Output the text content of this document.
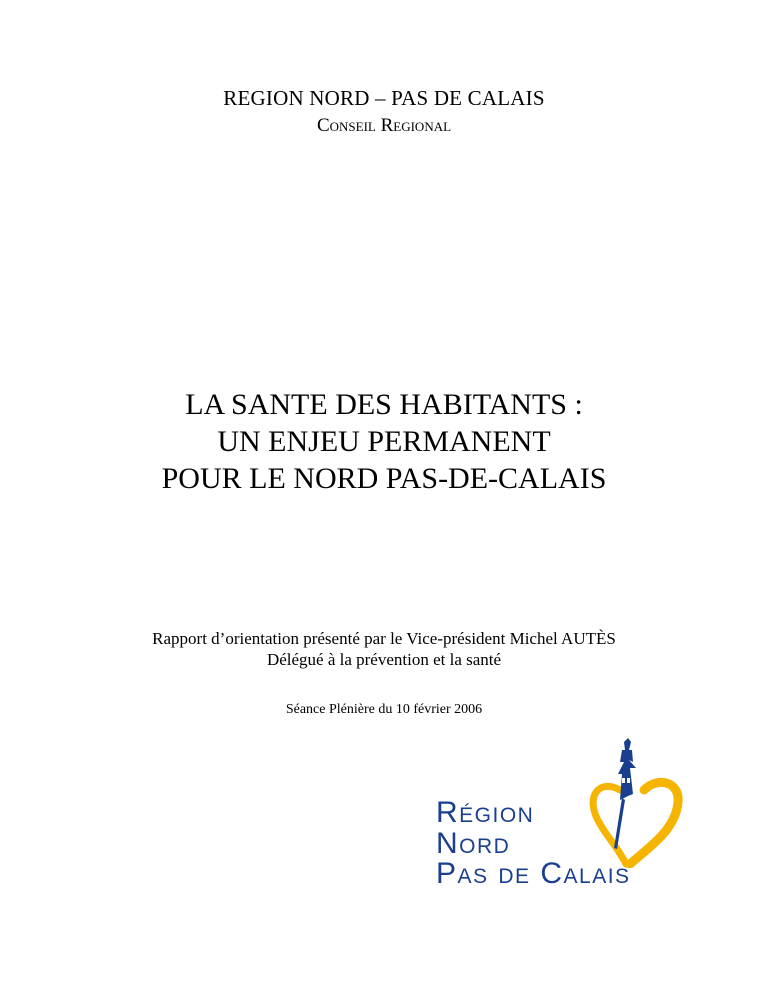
REGION NORD – PAS DE CALAIS
Conseil Regional
LA SANTE DES HABITANTS :
UN ENJEU PERMANENT
POUR LE NORD PAS-DE-CALAIS
Rapport d’orientation présenté par le Vice-président Michel AUTÈS
Délégué à la prévention et la santé
Séance Plénière du 10 février 2006
Région
Nord
Pas de Calais
